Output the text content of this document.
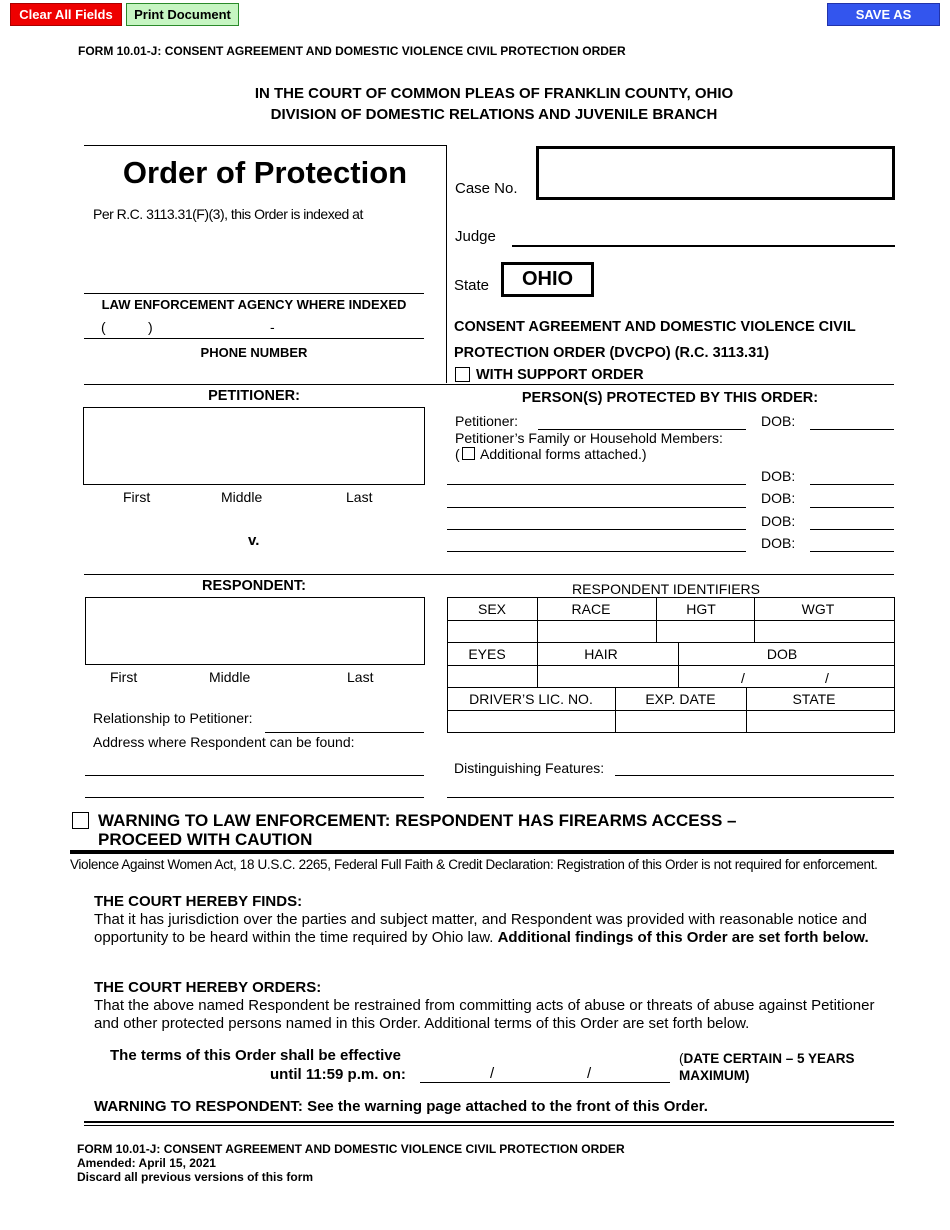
Clear All Fields	Print Document	SAVE AS
FORM 10.01-J: CONSENT AGREEMENT AND DOMESTIC VIOLENCE CIVIL PROTECTION ORDER
IN THE COURT OF COMMON PLEAS OF FRANKLIN COUNTY, OHIO
DIVISION OF DOMESTIC RELATIONS AND JUVENILE BRANCH
Order of Protection
Per R.C. 3113.31(F)(3), this Order is indexed at
LAW ENFORCEMENT AGENCY WHERE INDEXED
(	)	-
PHONE NUMBER
Case No.
Judge
State	OHIO
CONSENT AGREEMENT AND DOMESTIC VIOLENCE CIVIL
PROTECTION ORDER (DVCPO) (R.C. 3113.31)
WITH SUPPORT ORDER
PETITIONER:
First	Middle	Last
v.
PERSON(S) PROTECTED BY THIS ORDER:
Petitioner:	DOB:
Petitioner’s Family or Household Members:
( Additional forms attached.)
DOB:
DOB:
DOB:
DOB:
RESPONDENT:
First	Middle	Last
Relationship to Petitioner:
Address where Respondent can be found:
RESPONDENT IDENTIFIERS
SEX	RACE	HGT	WGT
EYES	HAIR	DOB
/	/
DRIVER’S LIC. NO.	EXP. DATE	STATE
Distinguishing Features:
WARNING TO LAW ENFORCEMENT: RESPONDENT HAS FIREARMS ACCESS –
PROCEED WITH CAUTION
Violence Against Women Act, 18 U.S.C. 2265, Federal Full Faith & Credit Declaration: Registration of this Order is not required for enforcement.
THE COURT HEREBY FINDS:
That it has jurisdiction over the parties and subject matter, and Respondent was provided with reasonable notice and opportunity to be heard within the time required by Ohio law. Additional findings of this Order are set forth below.
THE COURT HEREBY ORDERS:
That the above named Respondent be restrained from committing acts of abuse or threats of abuse against Petitioner and other protected persons named in this Order. Additional terms of this Order are set forth below.
The terms of this Order shall be effective
until 11:59 p.m. on:	/	/
(DATE CERTAIN – 5 YEARS MAXIMUM)
WARNING TO RESPONDENT: See the warning page attached to the front of this Order.
FORM 10.01-J: CONSENT AGREEMENT AND DOMESTIC VIOLENCE CIVIL PROTECTION ORDER
Amended: April 15, 2021
Discard all previous versions of this form
